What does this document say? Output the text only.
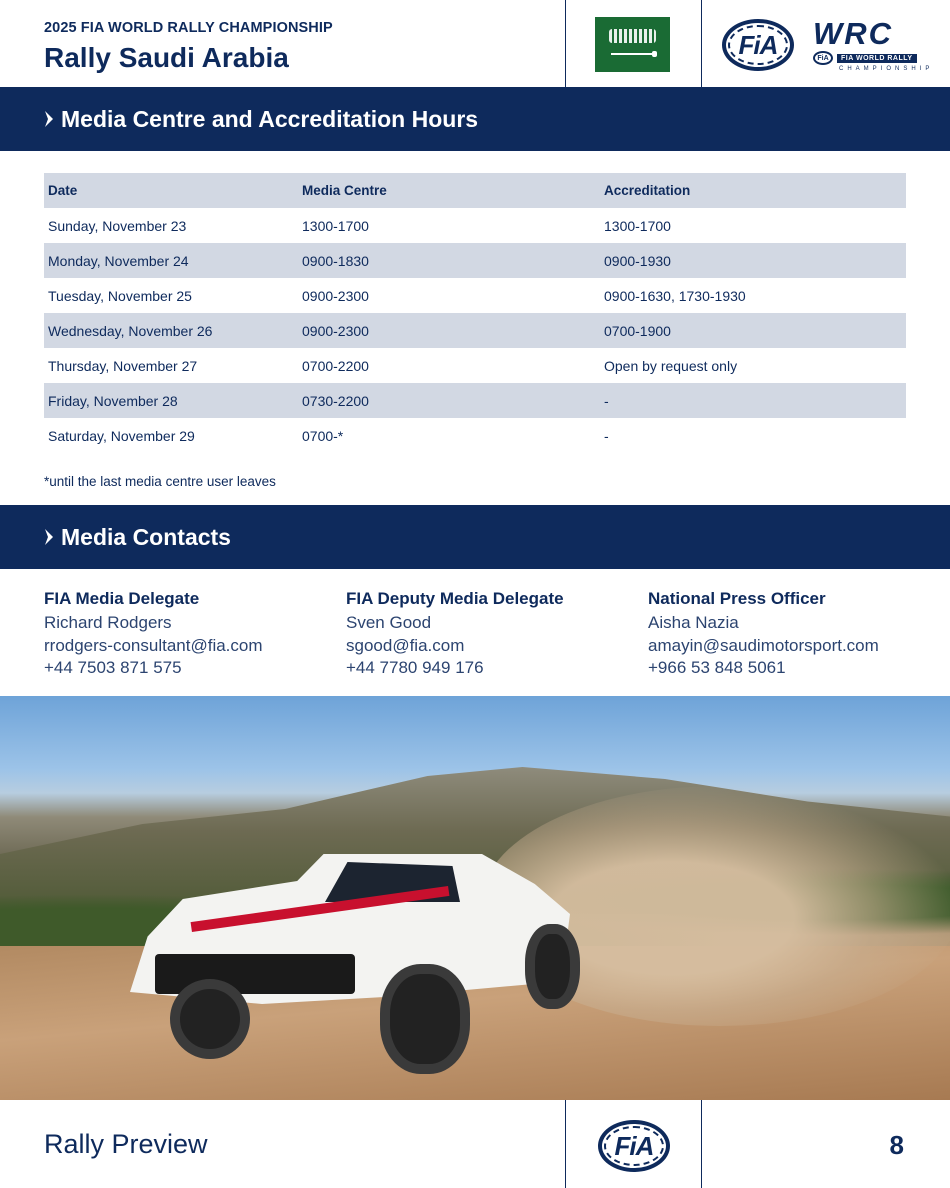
2025 FIA WORLD RALLY CHAMPIONSHIP
Rally Saudi Arabia	FiA WRC
FiA	FIA WORLD RALLY
CHAMPIONSHIP
Media Centre and Accreditation Hours
Date	Media Centre	Accreditation
Sunday, November 23	1300-1700	1300-1700
Monday, November 24	0900-1830	0900-1930
Tuesday, November 25	0900-2300	0900-1630, 1730-1930
Wednesday, November 26	0900-2300	0700-1900
Thursday, November 27	0700-2200	Open by request only
Friday, November 28	0730-2200	-
Saturday, November 29	0700-*	-
*until the last media centre user leaves
Media Contacts
FIA Media Delegate
Richard Rodgers
rrodgers-consultant@fia.com
+44 7503 871 575
FIA Deputy Media Delegate
Sven Good
sgood@fia.com
+44 7780 949 176
National Press Officer
Aisha Nazia
amayin@saudimotorsport.com
+966 53 848 5061
Rally Preview	FiA	8
